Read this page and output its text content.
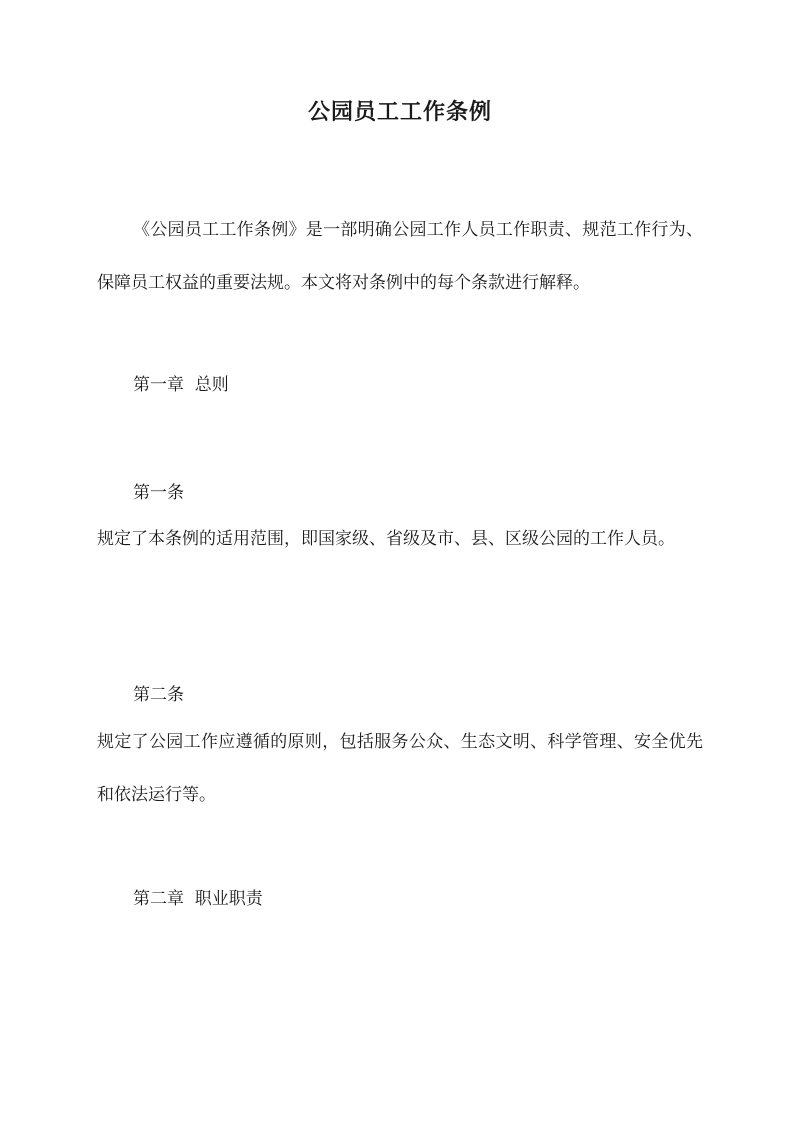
公园员工工作条例

《公园员工工作条例》是一部明确公园工作人员工作职责、规范工作行为、保障员工权益的重要法规。本文将对条例中的每个条款进行解释。

第一章  总则
第一条

规定了本条例的适用范围，即国家级、省级及市、县、区级公园的工作人员。

第二条

规定了公园工作应遵循的原则，包括服务公众、生态文明、科学管理、安全优先和依法运行等。

第二章  职业职责
